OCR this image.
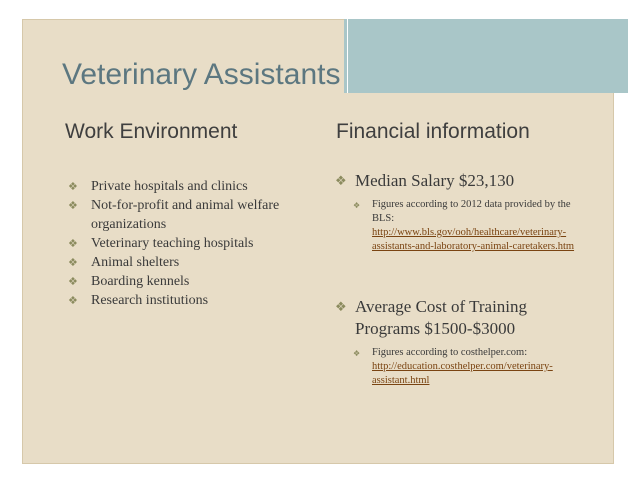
Veterinary Assistants
Work Environment	Financial information
❖ Private hospitals and clinics
❖ Not-for-profit and animal welfare organizations
❖ Veterinary teaching hospitals
❖ Animal shelters
❖ Boarding kennels
❖ Research institutions
❖ Median Salary $23,130
❖ Figures according to 2012 data provided by the BLS: http://www.bls.gov/ooh/healthcare/veterinary-assistants-and-laboratory-animal-caretakers.htm
❖ Average Cost of Training Programs $1500-$3000
❖ Figures according to costhelper.com: http://education.costhelper.com/veterinary-assistant.html
